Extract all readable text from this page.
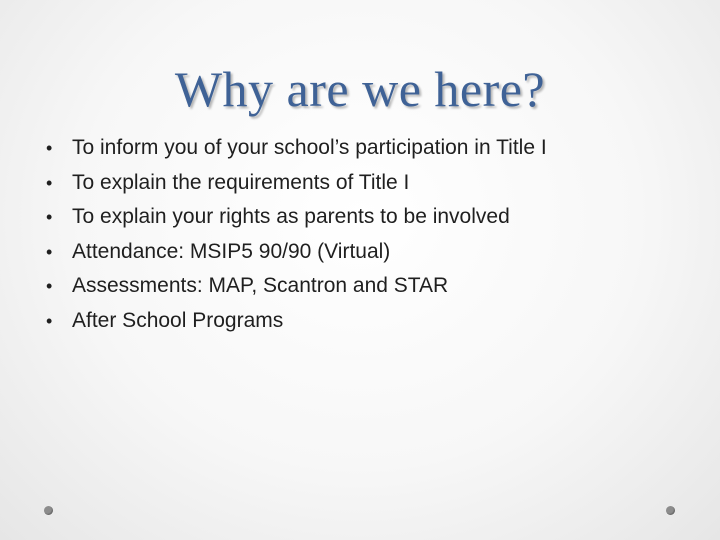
Why are we here?
• To inform you of your school’s participation in Title I
• To explain the requirements of Title I
• To explain your rights as parents to be involved
• Attendance: MSIP5 90/90 (Virtual)
• Assessments: MAP, Scantron and STAR
• After School Programs
